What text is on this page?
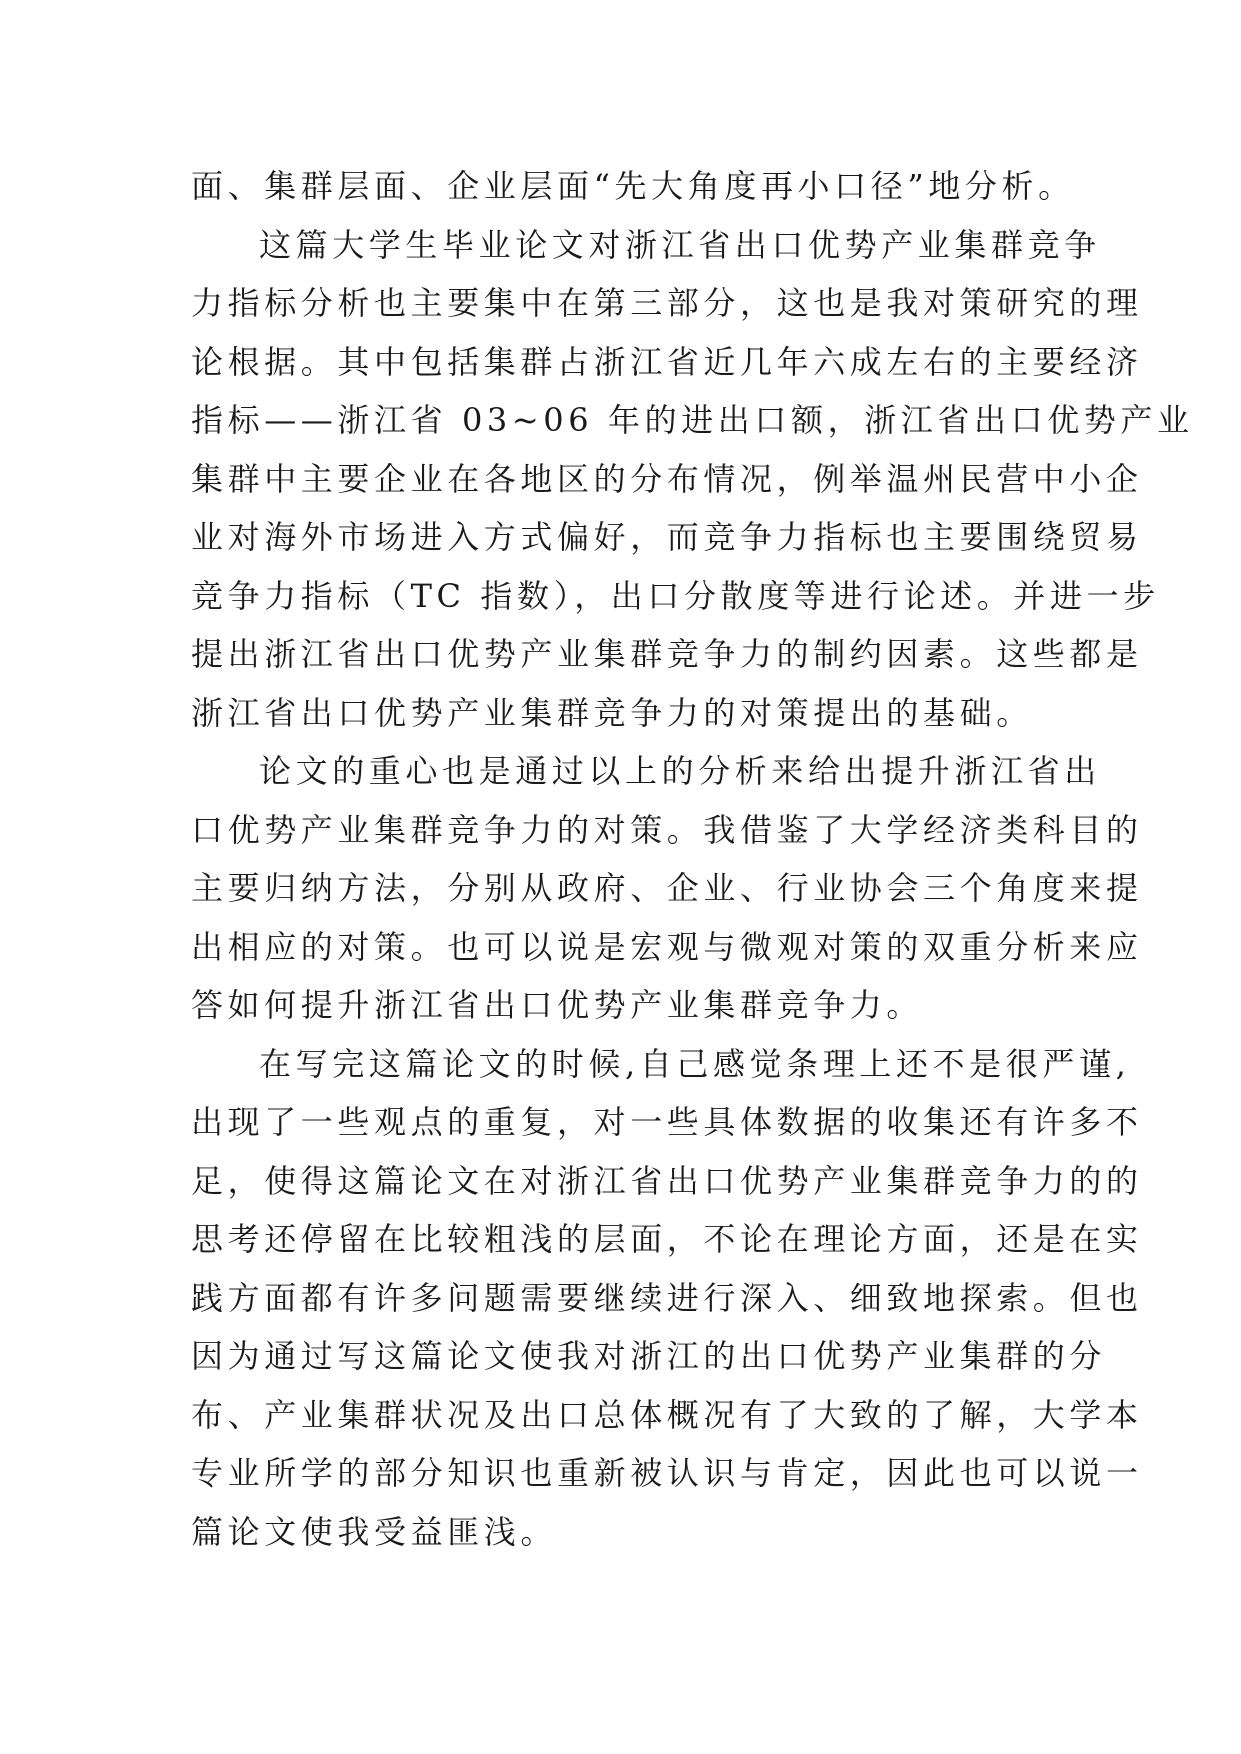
面、集群层面、企业层面“先大角度再小口径”地分析。
这篇大学生毕业论文对浙江省出口优势产业集群竞争
力指标分析也主要集中在第三部分，这也是我对策研究的理
论根据。其中包括集群占浙江省近几年六成左右的主要经济
指标——浙江省 03~06 年的进出口额，浙江省出口优势产业
集群中主要企业在各地区的分布情况，例举温州民营中小企
业对海外市场进入方式偏好，而竞争力指标也主要围绕贸易
竞争力指标（TC 指数），出口分散度等进行论述。并进一步
提出浙江省出口优势产业集群竞争力的制约因素。这些都是
浙江省出口优势产业集群竞争力的对策提出的基础。
论文的重心也是通过以上的分析来给出提升浙江省出
口优势产业集群竞争力的对策。我借鉴了大学经济类科目的
主要归纳方法，分别从政府、企业、行业协会三个角度来提
出相应的对策。也可以说是宏观与微观对策的双重分析来应
答如何提升浙江省出口优势产业集群竞争力。
在写完这篇论文的时候,自己感觉条理上还不是很严谨,
出现了一些观点的重复，对一些具体数据的收集还有许多不
足，使得这篇论文在对浙江省出口优势产业集群竞争力的的
思考还停留在比较粗浅的层面，不论在理论方面，还是在实
践方面都有许多问题需要继续进行深入、细致地探索。但也
因为通过写这篇论文使我对浙江的出口优势产业集群的分
布、产业集群状况及出口总体概况有了大致的了解，大学本
专业所学的部分知识也重新被认识与肯定，因此也可以说一
篇论文使我受益匪浅。
